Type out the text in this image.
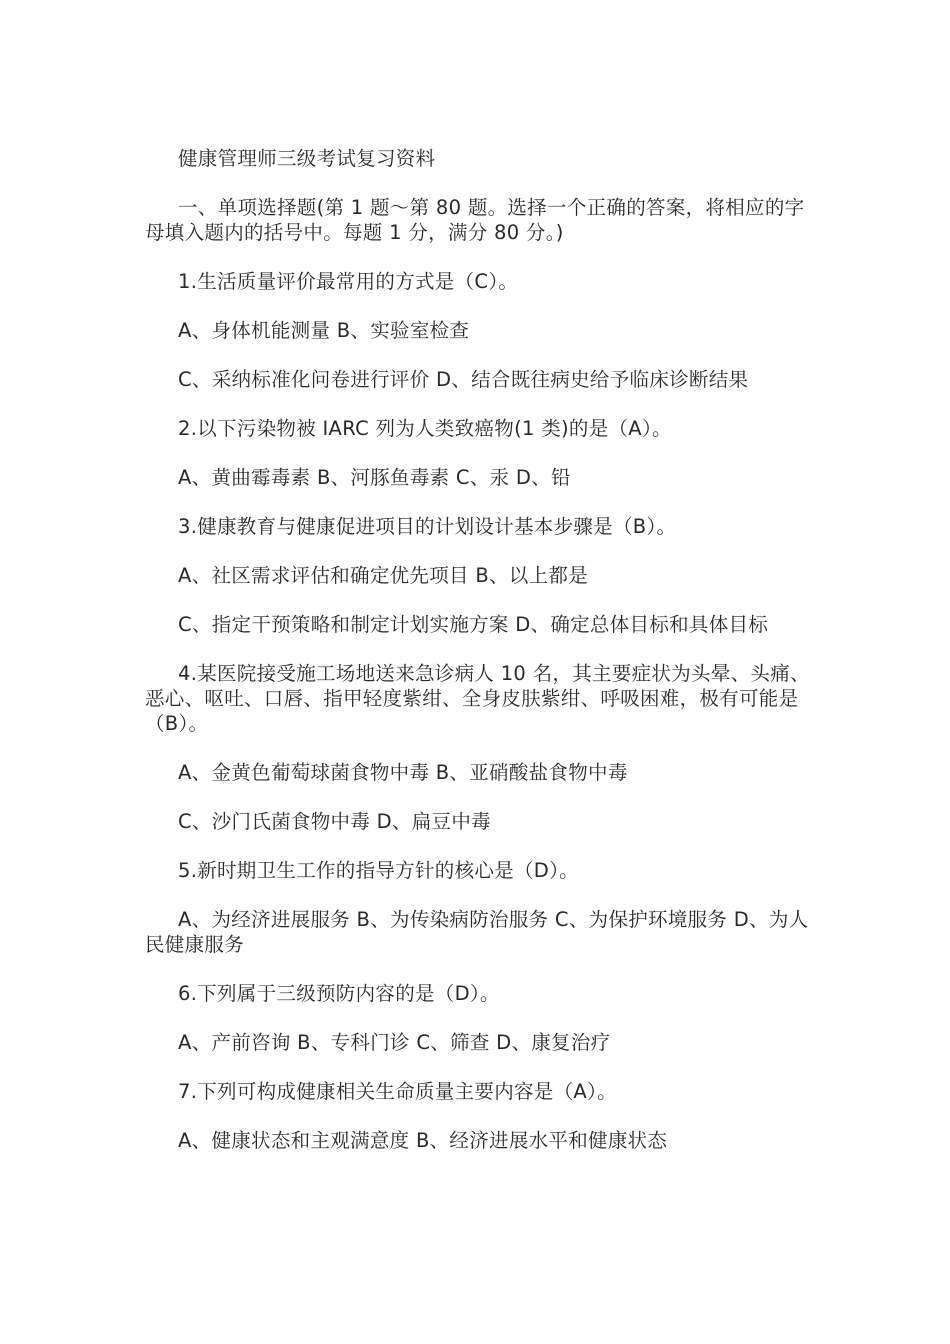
健康管理师三级考试复习资料

一、单项选择题(第 1 题～第 80 题。选择一个正确的答案，将相应的字母填入题内的括号中。每题 1 分，满分 80 分。)

1.生活质量评价最常用的方式是（C）。

A、身体机能测量 B、实验室检查

C、采纳标准化问卷进行评价 D、结合既往病史给予临床诊断结果

2.以下污染物被 IARC 列为人类致癌物(1 类)的是（A）。

A、黄曲霉毒素 B、河豚鱼毒素 C、汞 D、铅

3.健康教育与健康促进项目的计划设计基本步骤是（B）。

A、社区需求评估和确定优先项目 B、以上都是

C、指定干预策略和制定计划实施方案 D、确定总体目标和具体目标

4.某医院接受施工场地送来急诊病人 10 名，其主要症状为头晕、头痛、恶心、呕吐、口唇、指甲轻度紫绀、全身皮肤紫绀、呼吸困难，极有可能是（B）。

A、金黄色葡萄球菌食物中毒 B、亚硝酸盐食物中毒

C、沙门氏菌食物中毒 D、扁豆中毒

5.新时期卫生工作的指导方针的核心是（D）。

A、为经济进展服务 B、为传染病防治服务 C、为保护环境服务 D、为人民健康服务

6.下列属于三级预防内容的是（D）。

A、产前咨询 B、专科门诊 C、筛查 D、康复治疗

7.下列可构成健康相关生命质量主要内容是（A）。

A、健康状态和主观满意度 B、经济进展水平和健康状态
